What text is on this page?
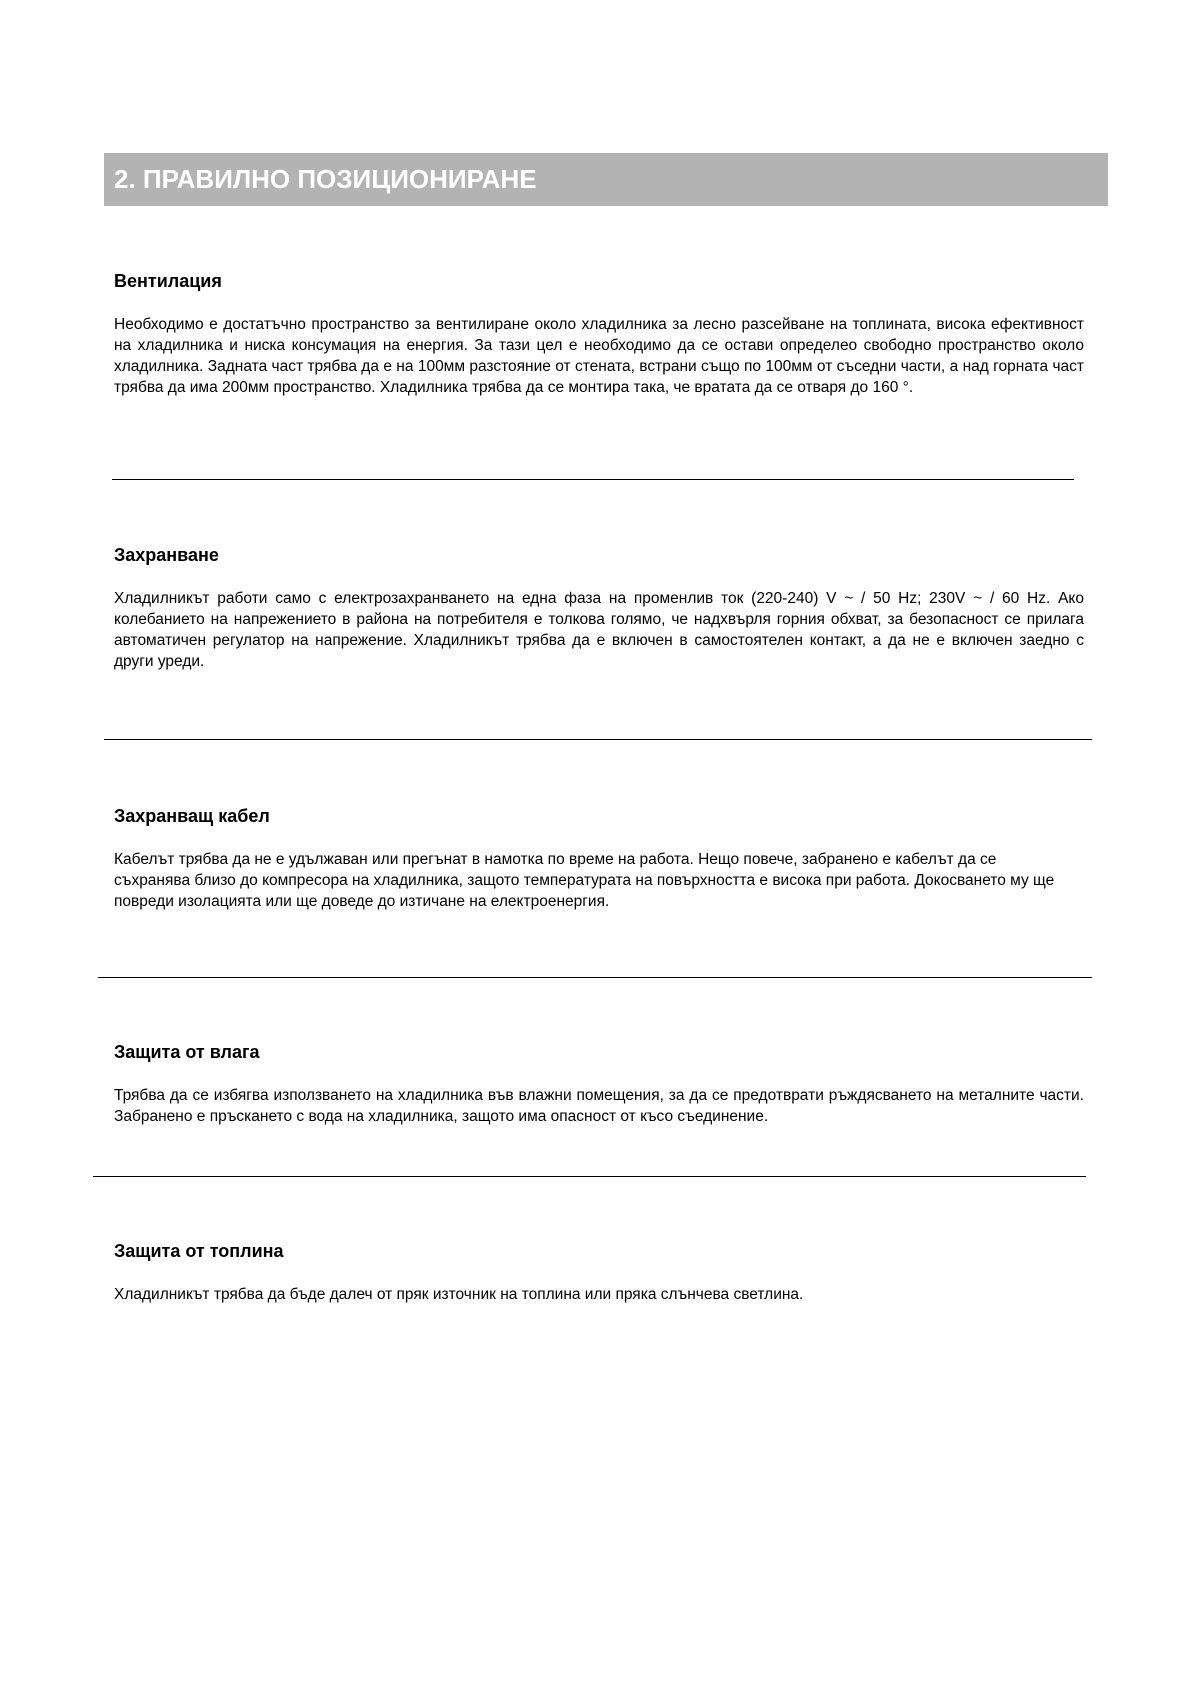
2. ПРАВИЛНО ПОЗИЦИОНИРАНЕ
Вентилация

Необходимо е достатъчно пространство за вентилиране около хладилника за лесно разсейване на топлината, висока ефективност на хладилника и ниска консумация на енергия. За тази цел е необходимо да се остави определео свободно пространство около хладилника. Задната част трябва да е на 100мм разстояние от стената, встрани също по 100мм от съседни части, а над горната част трябва да има 200мм пространство. Хладилника трябва да се монтира така, че вратата да се отваря до 160 °.

Захранване

Хладилникът работи само с електрозахранването на една фаза на променлив ток (220-240) V ~ / 50 Hz; 230V ~ / 60 Hz. Ако колебанието на напрежението в района на потребителя е толкова голямо, че надхвърля горния обхват, за безопасност се прилага автоматичен регулатор на напрежение. Хладилникът трябва да е включен в самостоятелен контакт, а да не е включен заедно с други уреди.

Захранващ кабел

Кабелът трябва да не е удължаван или прегънат в намотка по време на работа. Нещо повече, забранено е кабелът да се съхранява близо до компресора на хладилника, защото температурата на повърхността е висока при работа. Докосването му ще повреди изолацията или ще доведе до изтичане на електроенергия.

Защита от влага

Трябва да се избягва използването на хладилника във влажни помещения, за да се предотврати ръждясването на металните части. Забранено е пръскането с вода на хладилника, защото има опасност от късо съединение.

Защита от топлина

Хладилникът трябва да бъде далеч от пряк източник на топлина или пряка слънчева светлина.
